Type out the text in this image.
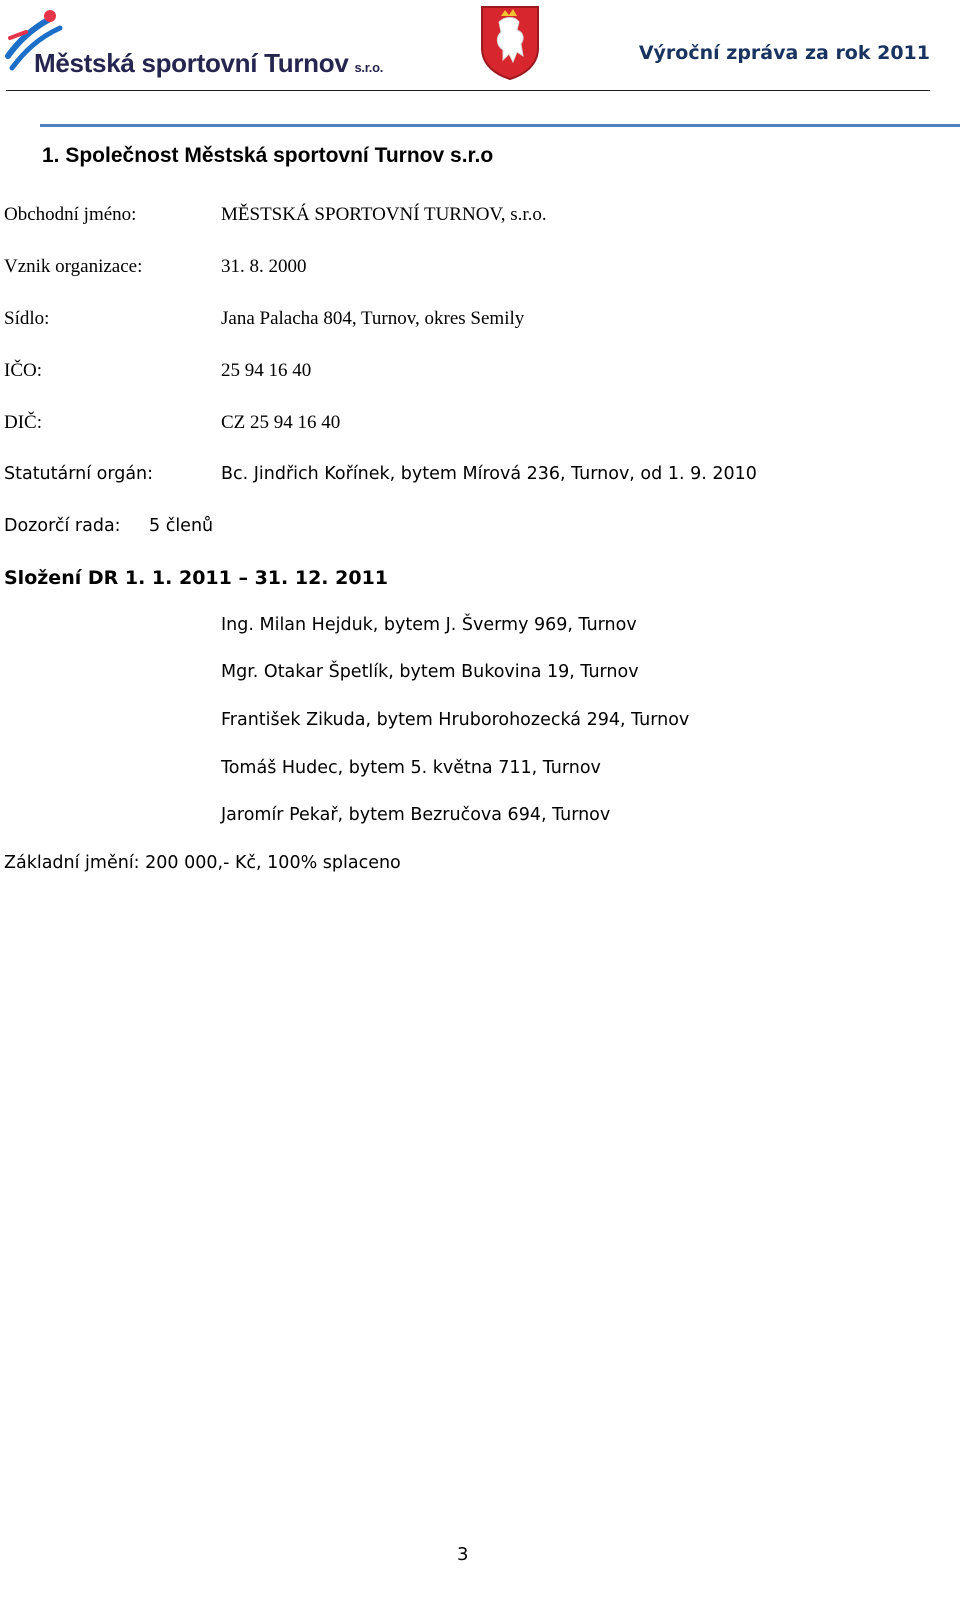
Městská sportovní Turnov s.r.o.
Výroční zpráva za rok 2011
1. Společnost Městská sportovní Turnov s.r.o
Obchodní jméno:	MĚSTSKÁ SPORTOVNÍ TURNOV, s.r.o.
Vznik organizace:	31. 8. 2000
Sídlo:	Jana Palacha 804, Turnov, okres Semily
IČO:	25 94 16 40
DIČ:	CZ 25 94 16 40
Statutární orgán:	Bc. Jindřich Kořínek, bytem Mírová 236, Turnov, od 1. 9. 2010
Dozorčí rada: 5 členů
Složení DR 1. 1. 2011 – 31. 12. 2011
Ing. Milan Hejduk, bytem J. Švermy 969, Turnov
Mgr. Otakar Špetlík, bytem Bukovina 19, Turnov
František Zikuda, bytem Hruborohozecká 294, Turnov
Tomáš Hudec, bytem 5. května 711, Turnov
Jaromír Pekař, bytem Bezručova 694, Turnov
Základní jmění: 200 000,- Kč, 100% splaceno
3
